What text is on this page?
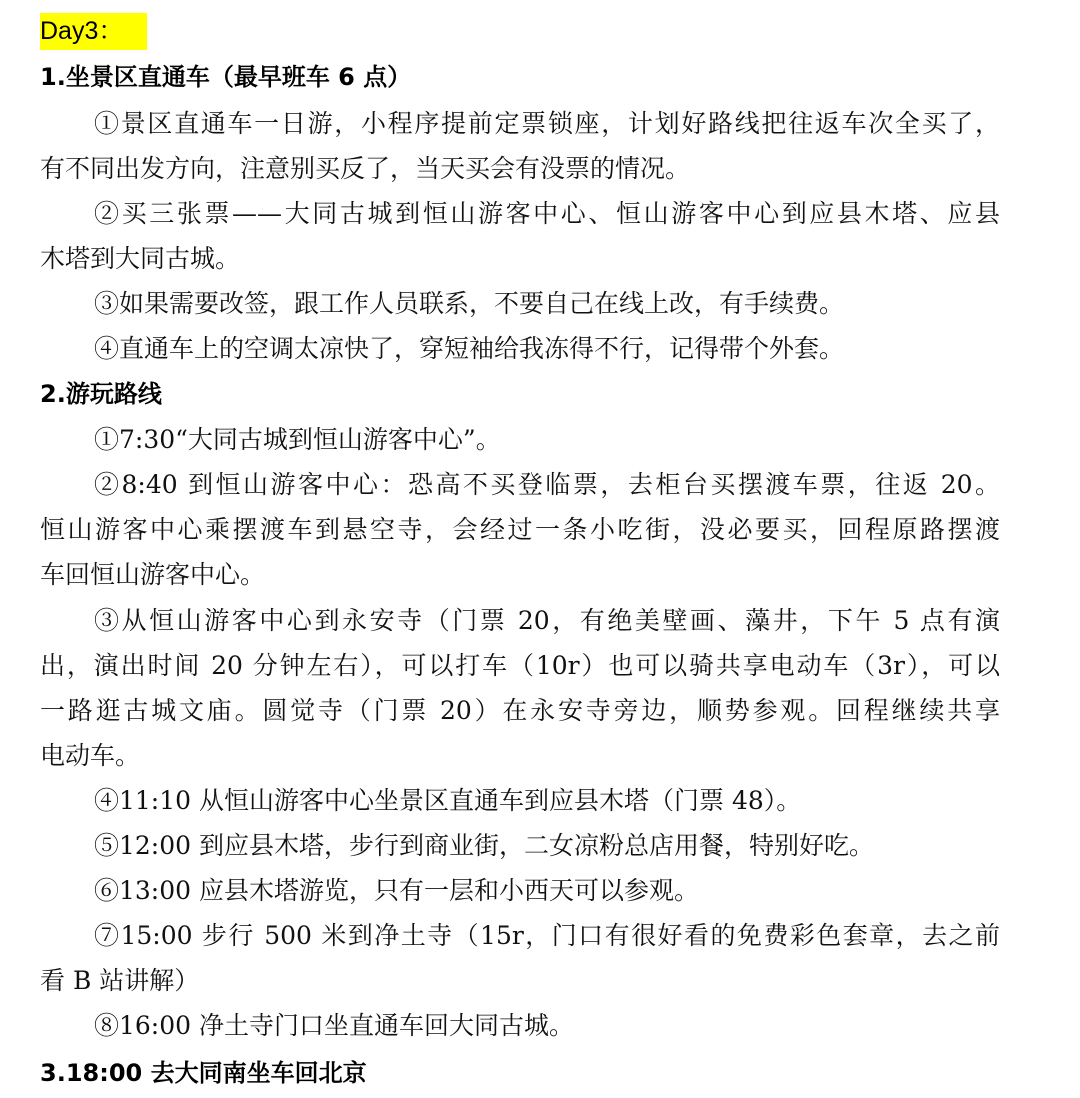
Day3：
1.坐景区直通车（最早班车 6 点）
①景区直通车一日游，小程序提前定票锁座，计划好路线把往返车次全买了，
有不同出发方向，注意别买反了，当天买会有没票的情况。
②买三张票——大同古城到恒山游客中心、恒山游客中心到应县木塔、应县
木塔到大同古城。
③如果需要改签，跟工作人员联系，不要自己在线上改，有手续费。
④直通车上的空调太凉快了，穿短袖给我冻得不行，记得带个外套。
2.游玩路线
①7:30“大同古城到恒山游客中心”。
②8:40 到恒山游客中心：恐高不买登临票，去柜台买摆渡车票，往返 20。
恒山游客中心乘摆渡车到悬空寺，会经过一条小吃街，没必要买，回程原路摆渡
车回恒山游客中心。
③从恒山游客中心到永安寺（门票 20，有绝美壁画、藻井，下午 5 点有演
出，演出时间 20 分钟左右），可以打车（10r）也可以骑共享电动车（3r），可以
一路逛古城文庙。圆觉寺（门票 20）在永安寺旁边，顺势参观。回程继续共享
电动车。
④11:10 从恒山游客中心坐景区直通车到应县木塔（门票 48）。
⑤12:00 到应县木塔，步行到商业街，二女凉粉总店用餐，特别好吃。
⑥13:00 应县木塔游览，只有一层和小西天可以参观。
⑦15:00 步行 500 米到净土寺（15r，门口有很好看的免费彩色套章，去之前
看 B 站讲解）
⑧16:00 净土寺门口坐直通车回大同古城。
3.18:00 去大同南坐车回北京
